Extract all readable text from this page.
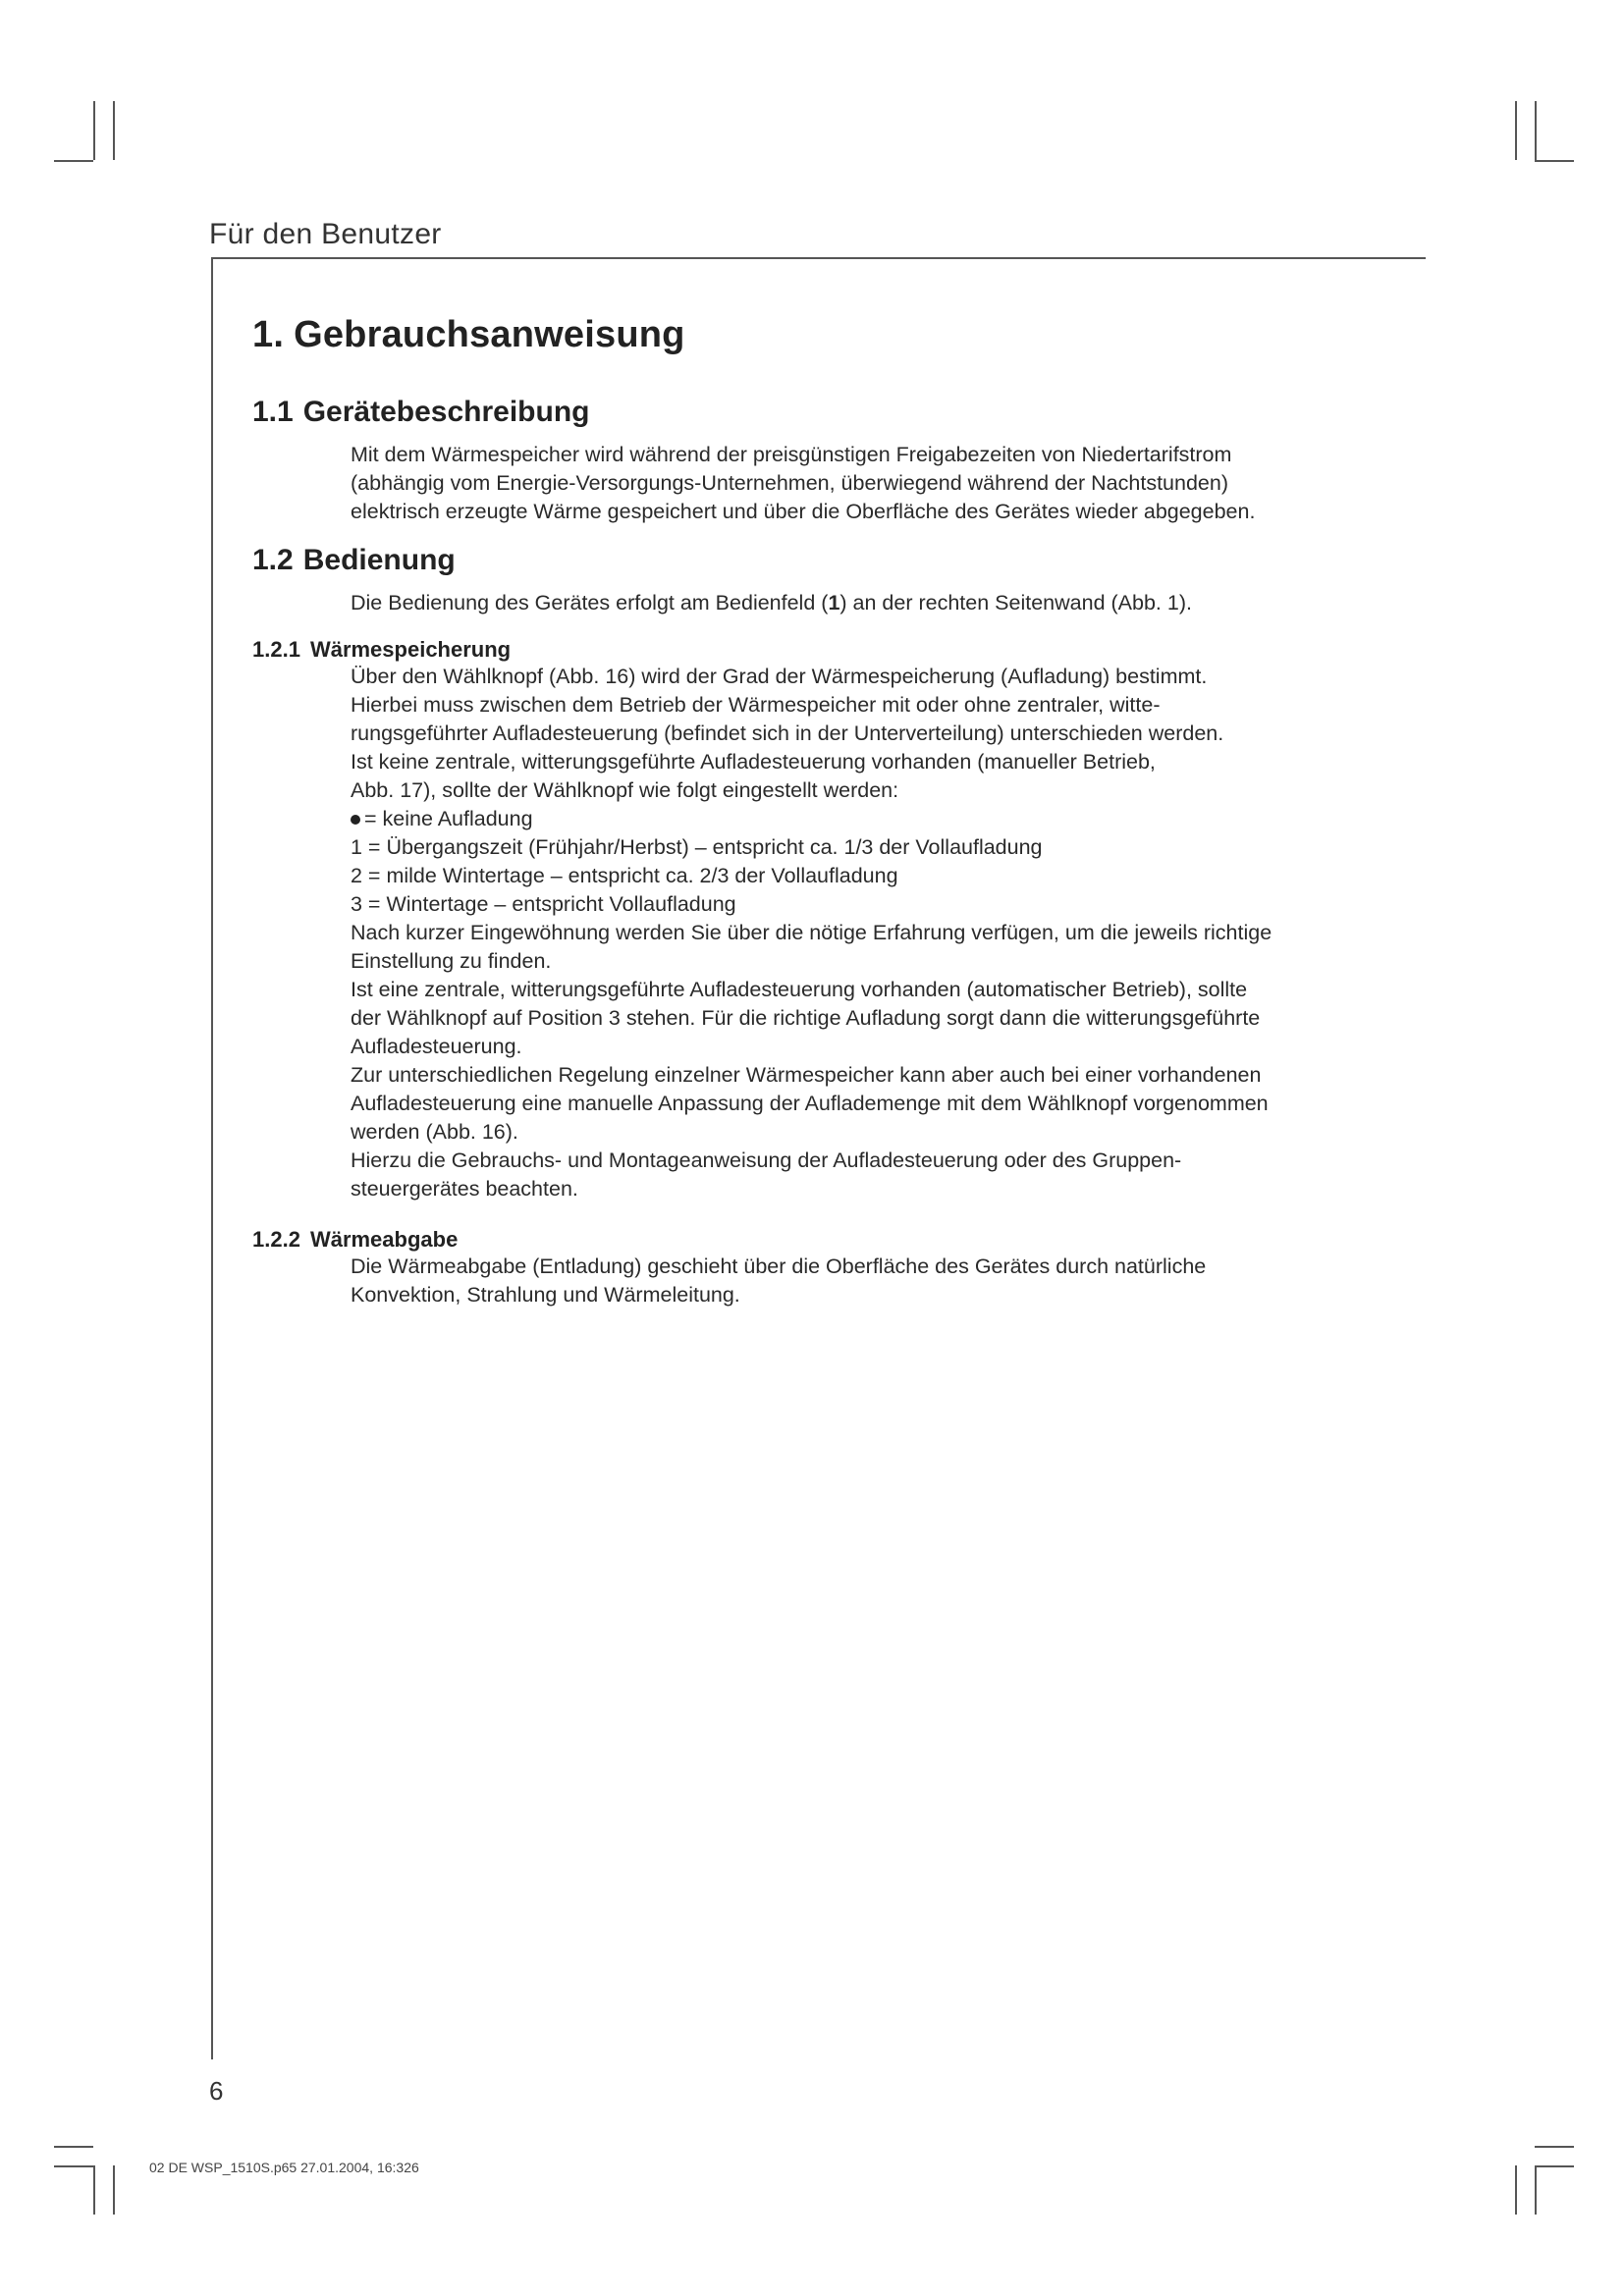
Für den Benutzer
1. Gebrauchsanweisung
1.1 Gerätebeschreibung

Mit dem Wärmespeicher wird während der preisgünstigen Freigabezeiten von Niedertarifstrom

(abhängig vom Energie-Versorgungs-Unternehmen, überwiegend während der Nachtstunden)

elektrisch erzeugte Wärme gespeichert und über die Oberfläche des Gerätes wieder abgegeben.

1.2 Bedienung

Die Bedienung des Gerätes erfolgt am Bedienfeld (1) an der rechten Seitenwand (Abb. 1).

1.2.1 Wärmespeicherung

Über den Wählknopf (Abb. 16) wird der Grad der Wärmespeicherung (Aufladung) bestimmt.

Hierbei muss zwischen dem Betrieb der Wärmespeicher mit oder ohne zentraler, witte-

rungsgeführter Aufladesteuerung (befindet sich in der Unterverteilung) unterschieden werden.

Ist keine zentrale, witterungsgeführte Aufladesteuerung vorhanden (manueller Betrieb,

Abb. 17), sollte der Wählknopf wie folgt eingestellt werden:

= keine Aufladung

1 = Übergangszeit (Frühjahr/Herbst) – entspricht ca. 1/3 der Vollaufladung

2 = milde Wintertage – entspricht ca. 2/3 der Vollaufladung

3 = Wintertage – entspricht Vollaufladung

Nach kurzer Eingewöhnung werden Sie über die nötige Erfahrung verfügen, um die jeweils richtige

Einstellung zu finden.

Ist eine zentrale, witterungsgeführte Aufladesteuerung vorhanden (automatischer Betrieb), sollte

der Wählknopf auf Position 3 stehen. Für die richtige Aufladung sorgt dann die witterungsgeführte

Aufladesteuerung.

Zur unterschiedlichen Regelung einzelner Wärmespeicher kann aber auch bei einer vorhandenen

Aufladesteuerung eine manuelle Anpassung der Auflademenge mit dem Wählknopf vorgenommen

werden (Abb. 16).

Hierzu die Gebrauchs- und Montageanweisung der Aufladesteuerung oder des Gruppen-

steuergerätes beachten.

1.2.2 Wärmeabgabe

Die Wärmeabgabe (Entladung) geschieht über die Oberfläche des Gerätes durch natürliche

Konvektion, Strahlung und Wärmeleitung.

6
02 DE WSP_1510S.p65 27.01.2004, 16:326
